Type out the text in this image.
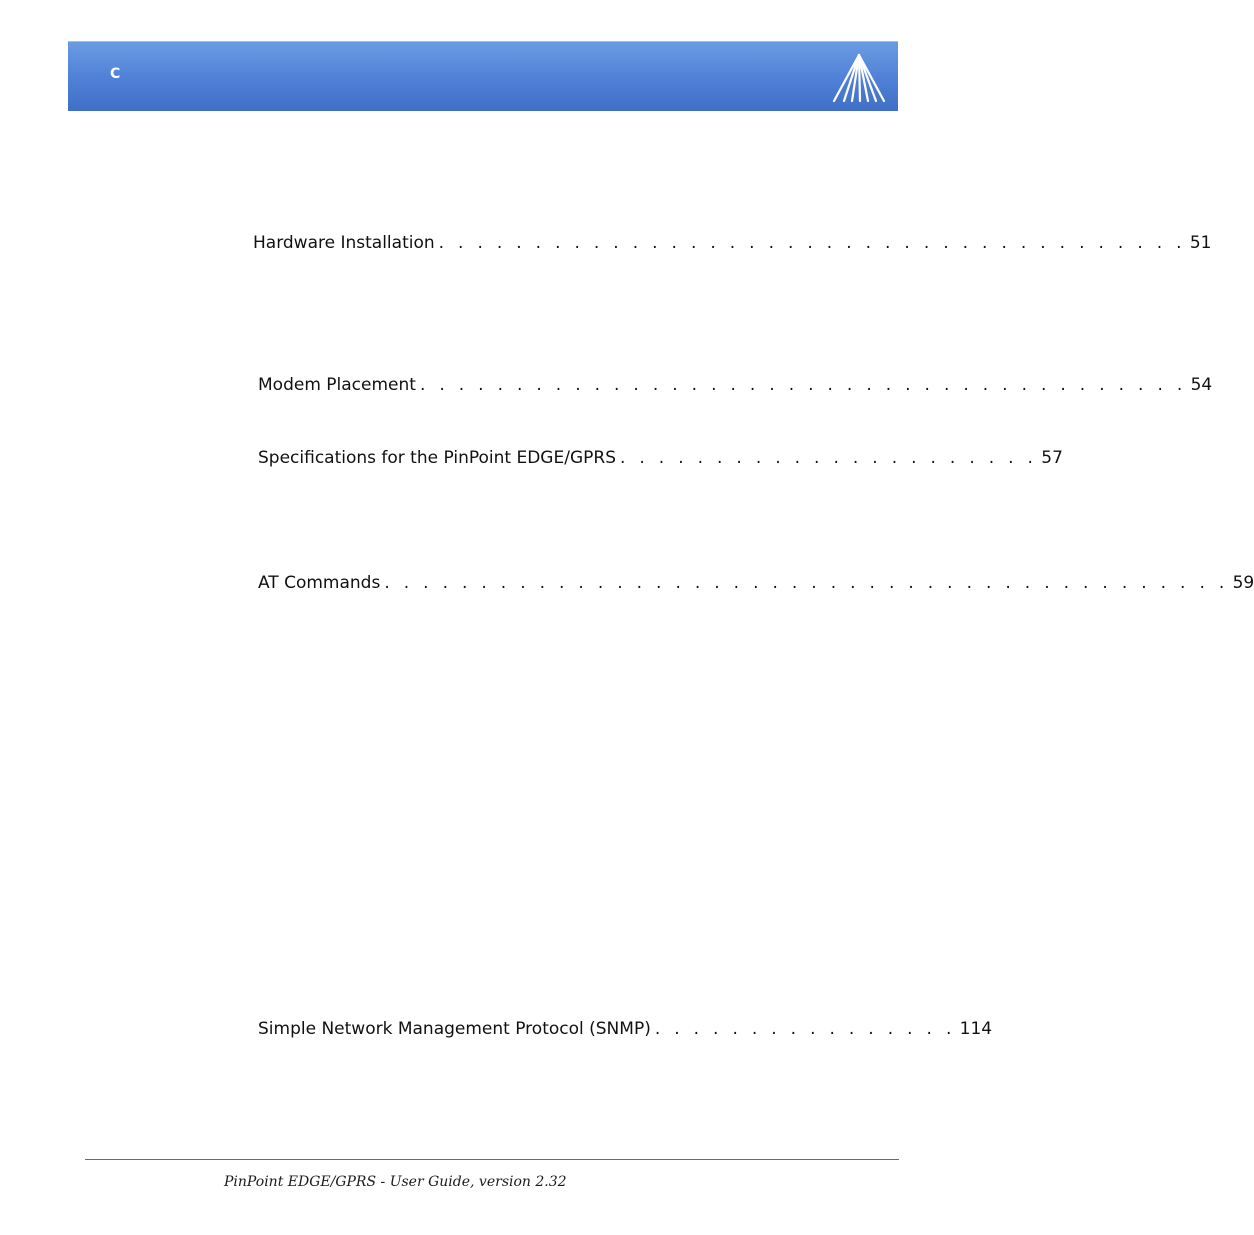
C
Hardware Installation . . . . . . . . . . . . . . . . . . . . . . . . . . . . . . . . . . . . . . . 51
Modem Placement . . . . . . . . . . . . . . . . . . . . . . . . . . . . . . . . . . . . . . . . 54
Specifications for the PinPoint EDGE/GPRS . . . . . . . . . . . . . . . . . . . . . . 57
AT Commands . . . . . . . . . . . . . . . . . . . . . . . . . . . . . . . . . . . . . . . . . . . . 59
Simple Network Management Protocol (SNMP) . . . . . . . . . . . . . . . . 114
PinPoint EDGE/GPRS - User Guide, version 2.32
